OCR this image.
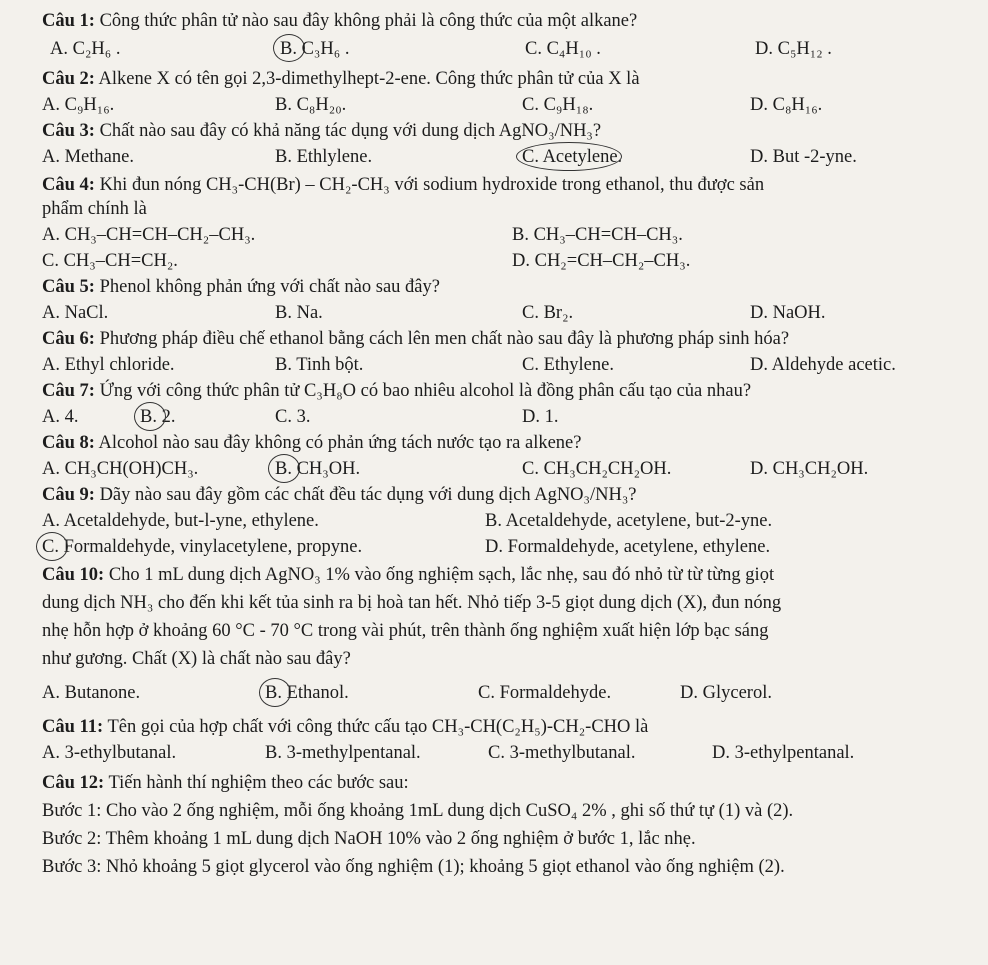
Câu 1: Công thức phân tử nào sau đây không phải là công thức của một alkane?
A. C₂H₆ .	B. C₃H₆ .	C. C₄H₁₀ .	D. C₅H₁₂ .
Câu 2: Alkene X có tên gọi 2,3-dimethylhept-2-ene. Công thức phân tử của X là
A. C₉H₁₆.	B. C₈H₂₀.	C. C₉H₁₈.	D. C₈H₁₆.
Câu 3: Chất nào sau đây có khả năng tác dụng với dung dịch AgNO₃/NH₃?
A. Methane.	B. Ethlylene.	C. Acetylene.	D. But -2-yne.
Câu 4: Khi đun nóng CH₃-CH(Br) – CH₂-CH₃ với sodium hydroxide trong ethanol, thu được sản
phẩm chính là
A. CH₃–CH=CH–CH₂–CH₃.	B. CH₃–CH=CH–CH₃.
C. CH₃–CH=CH₂.	D. CH₂=CH–CH₂–CH₃.
Câu 5: Phenol không phản ứng với chất nào sau đây?
A. NaCl.	B. Na.	C. Br₂.	D. NaOH.
Câu 6: Phương pháp điều chế ethanol bằng cách lên men chất nào sau đây là phương pháp sinh hóa?
A. Ethyl chloride.	B. Tinh bột.	C. Ethylene.	D. Aldehyde acetic.
Câu 7: Ứng với công thức phân tử C₃H₈O có bao nhiêu alcohol là đồng phân cấu tạo của nhau?
A. 4.	B. 2.	C. 3.	D. 1.
Câu 8: Alcohol nào sau đây không có phản ứng tách nước tạo ra alkene?
A. CH₃CH(OH)CH₃.	B. CH₃OH.	C. CH₃CH₂CH₂OH.	D. CH₃CH₂OH.
Câu 9: Dãy nào sau đây gồm các chất đều tác dụng với dung dịch AgNO₃/NH₃?
A. Acetaldehyde, but-l-yne, ethylene.	B. Acetaldehyde, acetylene, but-2-yne.
C. Formaldehyde, vinylacetylene, propyne.	D. Formaldehyde, acetylene, ethylene.
Câu 10: Cho 1 mL dung dịch AgNO₃ 1% vào ống nghiệm sạch, lắc nhẹ, sau đó nhỏ từ từ từng giọt
dung dịch NH₃ cho đến khi kết tủa sinh ra bị hoà tan hết. Nhỏ tiếp 3-5 giọt dung dịch (X), đun nóng
nhẹ hỗn hợp ở khoảng 60 °C - 70 °C trong vài phút, trên thành ống nghiệm xuất hiện lớp bạc sáng
như gương. Chất (X) là chất nào sau đây?
A. Butanone.	B. Ethanol.	C. Formaldehyde.	D. Glycerol.
Câu 11: Tên gọi của hợp chất với công thức cấu tạo CH₃-CH(C₂H₅)-CH₂-CHO là
A. 3-ethylbutanal.	B. 3-methylpentanal.	C. 3-methylbutanal.	D. 3-ethylpentanal.
Câu 12: Tiến hành thí nghiệm theo các bước sau:
Bước 1: Cho vào 2 ống nghiệm, mỗi ống khoảng 1mL dung dịch CuSO₄ 2% , ghi số thứ tự (1) và (2).
Bước 2: Thêm khoảng 1 mL dung dịch NaOH 10% vào 2 ống nghiệm ở bước 1, lắc nhẹ.
Bước 3: Nhỏ khoảng 5 giọt glycerol vào ống nghiệm (1); khoảng 5 giọt ethanol vào ống nghiệm (2).
